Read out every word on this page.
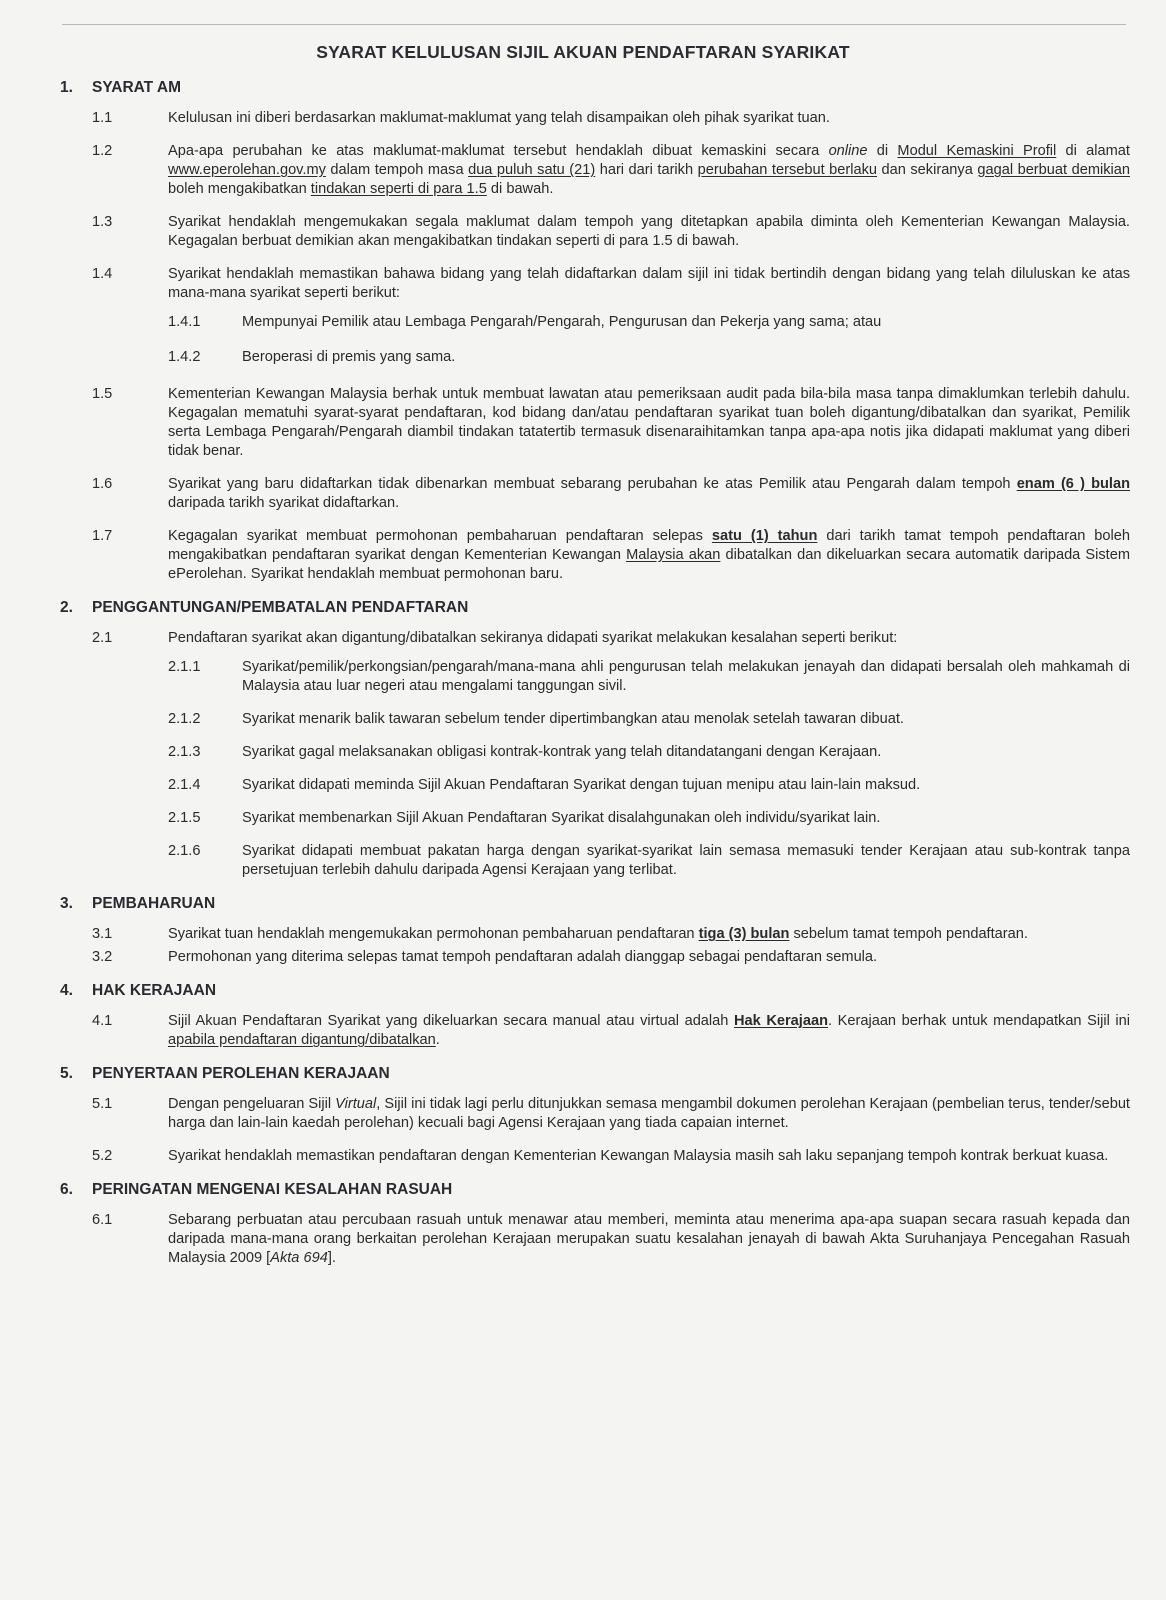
SYARAT KELULUSAN SIJIL AKUAN PENDAFTARAN SYARIKAT
1.	SYARAT AM
1.1	Kelulusan ini diberi berdasarkan maklumat-maklumat yang telah disampaikan oleh pihak syarikat tuan.
1.2	Apa-apa perubahan ke atas maklumat-maklumat tersebut hendaklah dibuat kemaskini secara online di Modul Kemaskini Profil di alamat www.eperolehan.gov.my dalam tempoh masa dua puluh satu (21) hari dari tarikh perubahan tersebut berlaku dan sekiranya gagal berbuat demikian boleh mengakibatkan tindakan seperti di para 1.5 di bawah.
1.3	Syarikat hendaklah mengemukakan segala maklumat dalam tempoh yang ditetapkan apabila diminta oleh Kementerian Kewangan Malaysia. Kegagalan berbuat demikian akan mengakibatkan tindakan seperti di para 1.5 di bawah.
1.4	Syarikat hendaklah memastikan bahawa bidang yang telah didaftarkan dalam sijil ini tidak bertindih dengan bidang yang telah diluluskan ke atas mana-mana syarikat seperti berikut:
1.4.1	Mempunyai Pemilik atau Lembaga Pengarah/Pengarah, Pengurusan dan Pekerja yang sama; atau
1.4.2	Beroperasi di premis yang sama.
1.5	Kementerian Kewangan Malaysia berhak untuk membuat lawatan atau pemeriksaan audit pada bila-bila masa tanpa dimaklumkan terlebih dahulu. Kegagalan mematuhi syarat-syarat pendaftaran, kod bidang dan/atau pendaftaran syarikat tuan boleh digantung/dibatalkan dan syarikat, Pemilik serta Lembaga Pengarah/Pengarah diambil tindakan tatatertib termasuk disenaraihitamkan tanpa apa-apa notis jika didapati maklumat yang diberi tidak benar.
1.6	Syarikat yang baru didaftarkan tidak dibenarkan membuat sebarang perubahan ke atas Pemilik atau Pengarah dalam tempoh enam (6 ) bulan daripada tarikh syarikat didaftarkan.
1.7	Kegagalan syarikat membuat permohonan pembaharuan pendaftaran selepas satu (1) tahun dari tarikh tamat tempoh pendaftaran boleh mengakibatkan pendaftaran syarikat dengan Kementerian Kewangan Malaysia akan dibatalkan dan dikeluarkan secara automatik daripada Sistem ePerolehan. Syarikat hendaklah membuat permohonan baru.
2.	PENGGANTUNGAN/PEMBATALAN PENDAFTARAN
2.1	Pendaftaran syarikat akan digantung/dibatalkan sekiranya didapati syarikat melakukan kesalahan seperti berikut:
2.1.1	Syarikat/pemilik/perkongsian/pengarah/mana-mana ahli pengurusan telah melakukan jenayah dan didapati bersalah oleh mahkamah di Malaysia atau luar negeri atau mengalami tanggungan sivil.
2.1.2	Syarikat menarik balik tawaran sebelum tender dipertimbangkan atau menolak setelah tawaran dibuat.
2.1.3	Syarikat gagal melaksanakan obligasi kontrak-kontrak yang telah ditandatangani dengan Kerajaan.
2.1.4	Syarikat didapati meminda Sijil Akuan Pendaftaran Syarikat dengan tujuan menipu atau lain-lain maksud.
2.1.5	Syarikat membenarkan Sijil Akuan Pendaftaran Syarikat disalahgunakan oleh individu/syarikat lain.
2.1.6	Syarikat didapati membuat pakatan harga dengan syarikat-syarikat lain semasa memasuki tender Kerajaan atau sub-kontrak tanpa persetujuan terlebih dahulu daripada Agensi Kerajaan yang terlibat.
3.	PEMBAHARUAN
3.1	Syarikat tuan hendaklah mengemukakan permohonan pembaharuan pendaftaran tiga (3) bulan sebelum tamat tempoh pendaftaran.
3.2	Permohonan yang diterima selepas tamat tempoh pendaftaran adalah dianggap sebagai pendaftaran semula.
4.	HAK KERAJAAN
4.1	Sijil Akuan Pendaftaran Syarikat yang dikeluarkan secara manual atau virtual adalah Hak Kerajaan. Kerajaan berhak untuk mendapatkan Sijil ini apabila pendaftaran digantung/dibatalkan.
5.	PENYERTAAN PEROLEHAN KERAJAAN
5.1	Dengan pengeluaran Sijil Virtual, Sijil ini tidak lagi perlu ditunjukkan semasa mengambil dokumen perolehan Kerajaan (pembelian terus, tender/sebut harga dan lain-lain kaedah perolehan) kecuali bagi Agensi Kerajaan yang tiada capaian internet.
5.2	Syarikat hendaklah memastikan pendaftaran dengan Kementerian Kewangan Malaysia masih sah laku sepanjang tempoh kontrak berkuat kuasa.
6.	PERINGATAN MENGENAI KESALAHAN RASUAH
6.1	Sebarang perbuatan atau percubaan rasuah untuk menawar atau memberi, meminta atau menerima apa-apa suapan secara rasuah kepada dan daripada mana-mana orang berkaitan perolehan Kerajaan merupakan suatu kesalahan jenayah di bawah Akta Suruhanjaya Pencegahan Rasuah Malaysia 2009 [Akta 694].
